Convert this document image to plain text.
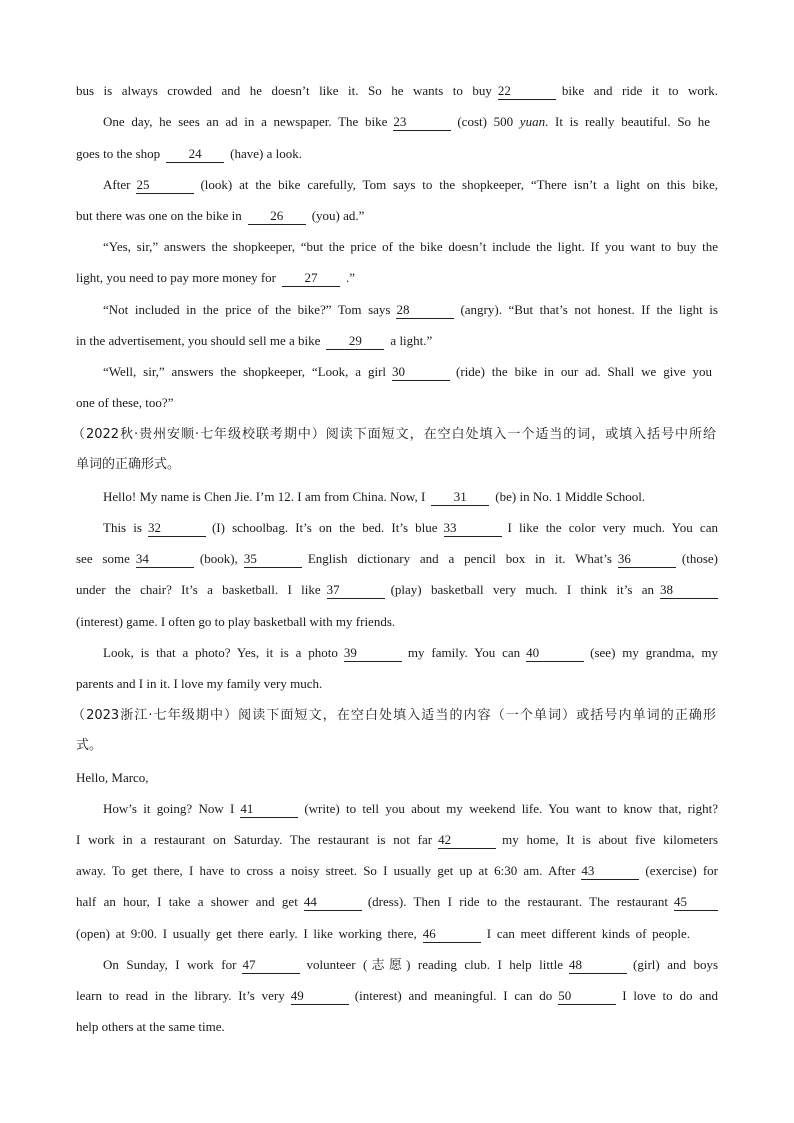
bus is always crowded and he doesn’t like it. So he wants to buy 22	bike and ride it to work.
One day, he sees an ad in a newspaper. The bike 23	(cost) 500 yuan. It is really beautiful. So he
goes to the shop 24 (have) a look.
After 25	(look) at the bike carefully, Tom says to the shopkeeper, “There isn’t a light on this bike,
but there was one on the bike in 26 (you) ad.”
“Yes, sir,” answers the shopkeeper, “but the price of the bike doesn’t include the light. If you want to buy the
light, you need to pay more money for 27 .”
“Not included in the price of the bike?” Tom says 28	(angry). “But that’s not honest. If the light is
in the advertisement, you should sell me a bike 29 a light.”
“Well, sir,” answers the shopkeeper, “Look, a girl 30	(ride) the bike in our ad. Shall we give you
one of these, too?”
（2022秋·贵州安顺·七年级校联考期中）阅读下面短文，在空白处填入一个适当的词，或填入括号中所给
单词的正确形式。
Hello! My name is Chen Jie. I’m 12. I am from China. Now, I 31 (be) in No. 1 Middle School.
This is 32	(I) schoolbag. It’s on the bed. It’s blue 33	I like the color very much. You can
see some 34	(book), 35	English dictionary and a pencil box in it. What’s 36	(those)
under the chair? It’s a basketball. I like 37	(play) basketball very much. I think it’s an 38
(interest) game. I often go to play basketball with my friends.
Look, is that a photo? Yes, it is a photo 39	my family. You can 40	(see) my grandma, my
parents and I in it. I love my family very much.
（2023浙江·七年级期中）阅读下面短文，在空白处填入适当的内容（一个单词）或括号内单词的正确形
式。
Hello, Marco,
How’s it going? Now I 41	(write) to tell you about my weekend life. You want to know that, right?
I work in a restaurant on Saturday. The restaurant is not far 42	my home, It is about five kilometers
away. To get there, I have to cross a noisy street. So I usually get up at 6:30 am. After 43	(exercise) for
half an hour, I take a shower and get 44	(dress). Then I ride to the restaurant. The restaurant 45
(open) at 9:00. I usually get there early. I like working there, 46	I can meet different kinds of people.
On Sunday, I work for 47	volunteer (志愿) reading club. I help little 48	(girl) and boys
learn to read in the library. It’s very 49	(interest) and meaningful. I can do 50	I love to do and
help others at the same time.
